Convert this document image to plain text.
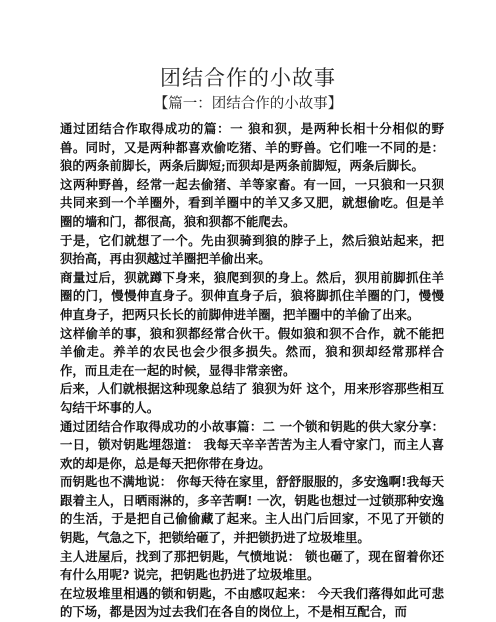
团结合作的小故事
【篇一：团结合作的小故事】

通过团结合作取得成功的篇：一 狼和狈，是两种长相十分相似的野兽。同时，又是两种都喜欢偷吃猪、羊的野兽。它们唯一不同的是：狼的两条前脚长，两条后脚短;而狈却是两条前脚短，两条后脚长。

这两种野兽，经常一起去偷猪、羊等家畜。有一回，一只狼和一只狈共同来到一个羊圈外，看到羊圈中的羊又多又肥，就想偷吃。但是羊圈的墙和门，都很高，狼和狈都不能爬去。

于是，它们就想了一个。先由狈骑到狼的脖子上，然后狼站起来，把狈抬高，再由狈越过羊圈把羊偷出来。

商量过后，狈就蹲下身来，狼爬到狈的身上。然后，狈用前脚抓住羊圈的门，慢慢伸直身子。狈伸直身子后，狼将脚抓住羊圈的门，慢慢伸直身子，把两只长长的前脚伸进羊圈，把羊圈中的羊偷了出来。

这样偷羊的事，狼和狈都经常合伙干。假如狼和狈不合作，就不能把羊偷走。养羊的农民也会少很多损失。然而，狼和狈却经常那样合作，而且走在一起的时候，显得非常亲密。

后来，人们就根据这种现象总结了 狼狈为奸 这个，用来形容那些相互勾结干坏事的人。

通过团结合作取得成功的小故事篇：二 一个锁和钥匙的供大家分享：一日，锁对钥匙埋怨道： 我每天辛辛苦苦为主人看守家门，而主人喜欢的却是你，总是每天把你带在身边。

而钥匙也不满地说： 你每天待在家里，舒舒服服的，多安逸啊!我每天跟着主人，日晒雨淋的，多辛苦啊! 一次，钥匙也想过一过锁那种安逸的生活，于是把自己偷偷藏了起来。主人出门后回家，不见了开锁的钥匙，气急之下，把锁给砸了，并把锁扔进了垃圾堆里。

主人进屋后，找到了那把钥匙，气愤地说： 锁也砸了，现在留着你还有什么用呢? 说完，把钥匙也扔进了垃圾堆里。

在垃圾堆里相遇的锁和钥匙，不由感叹起来： 今天我们落得如此可悲的下场，都是因为过去我们在各自的岗位上，不是相互配合，而
